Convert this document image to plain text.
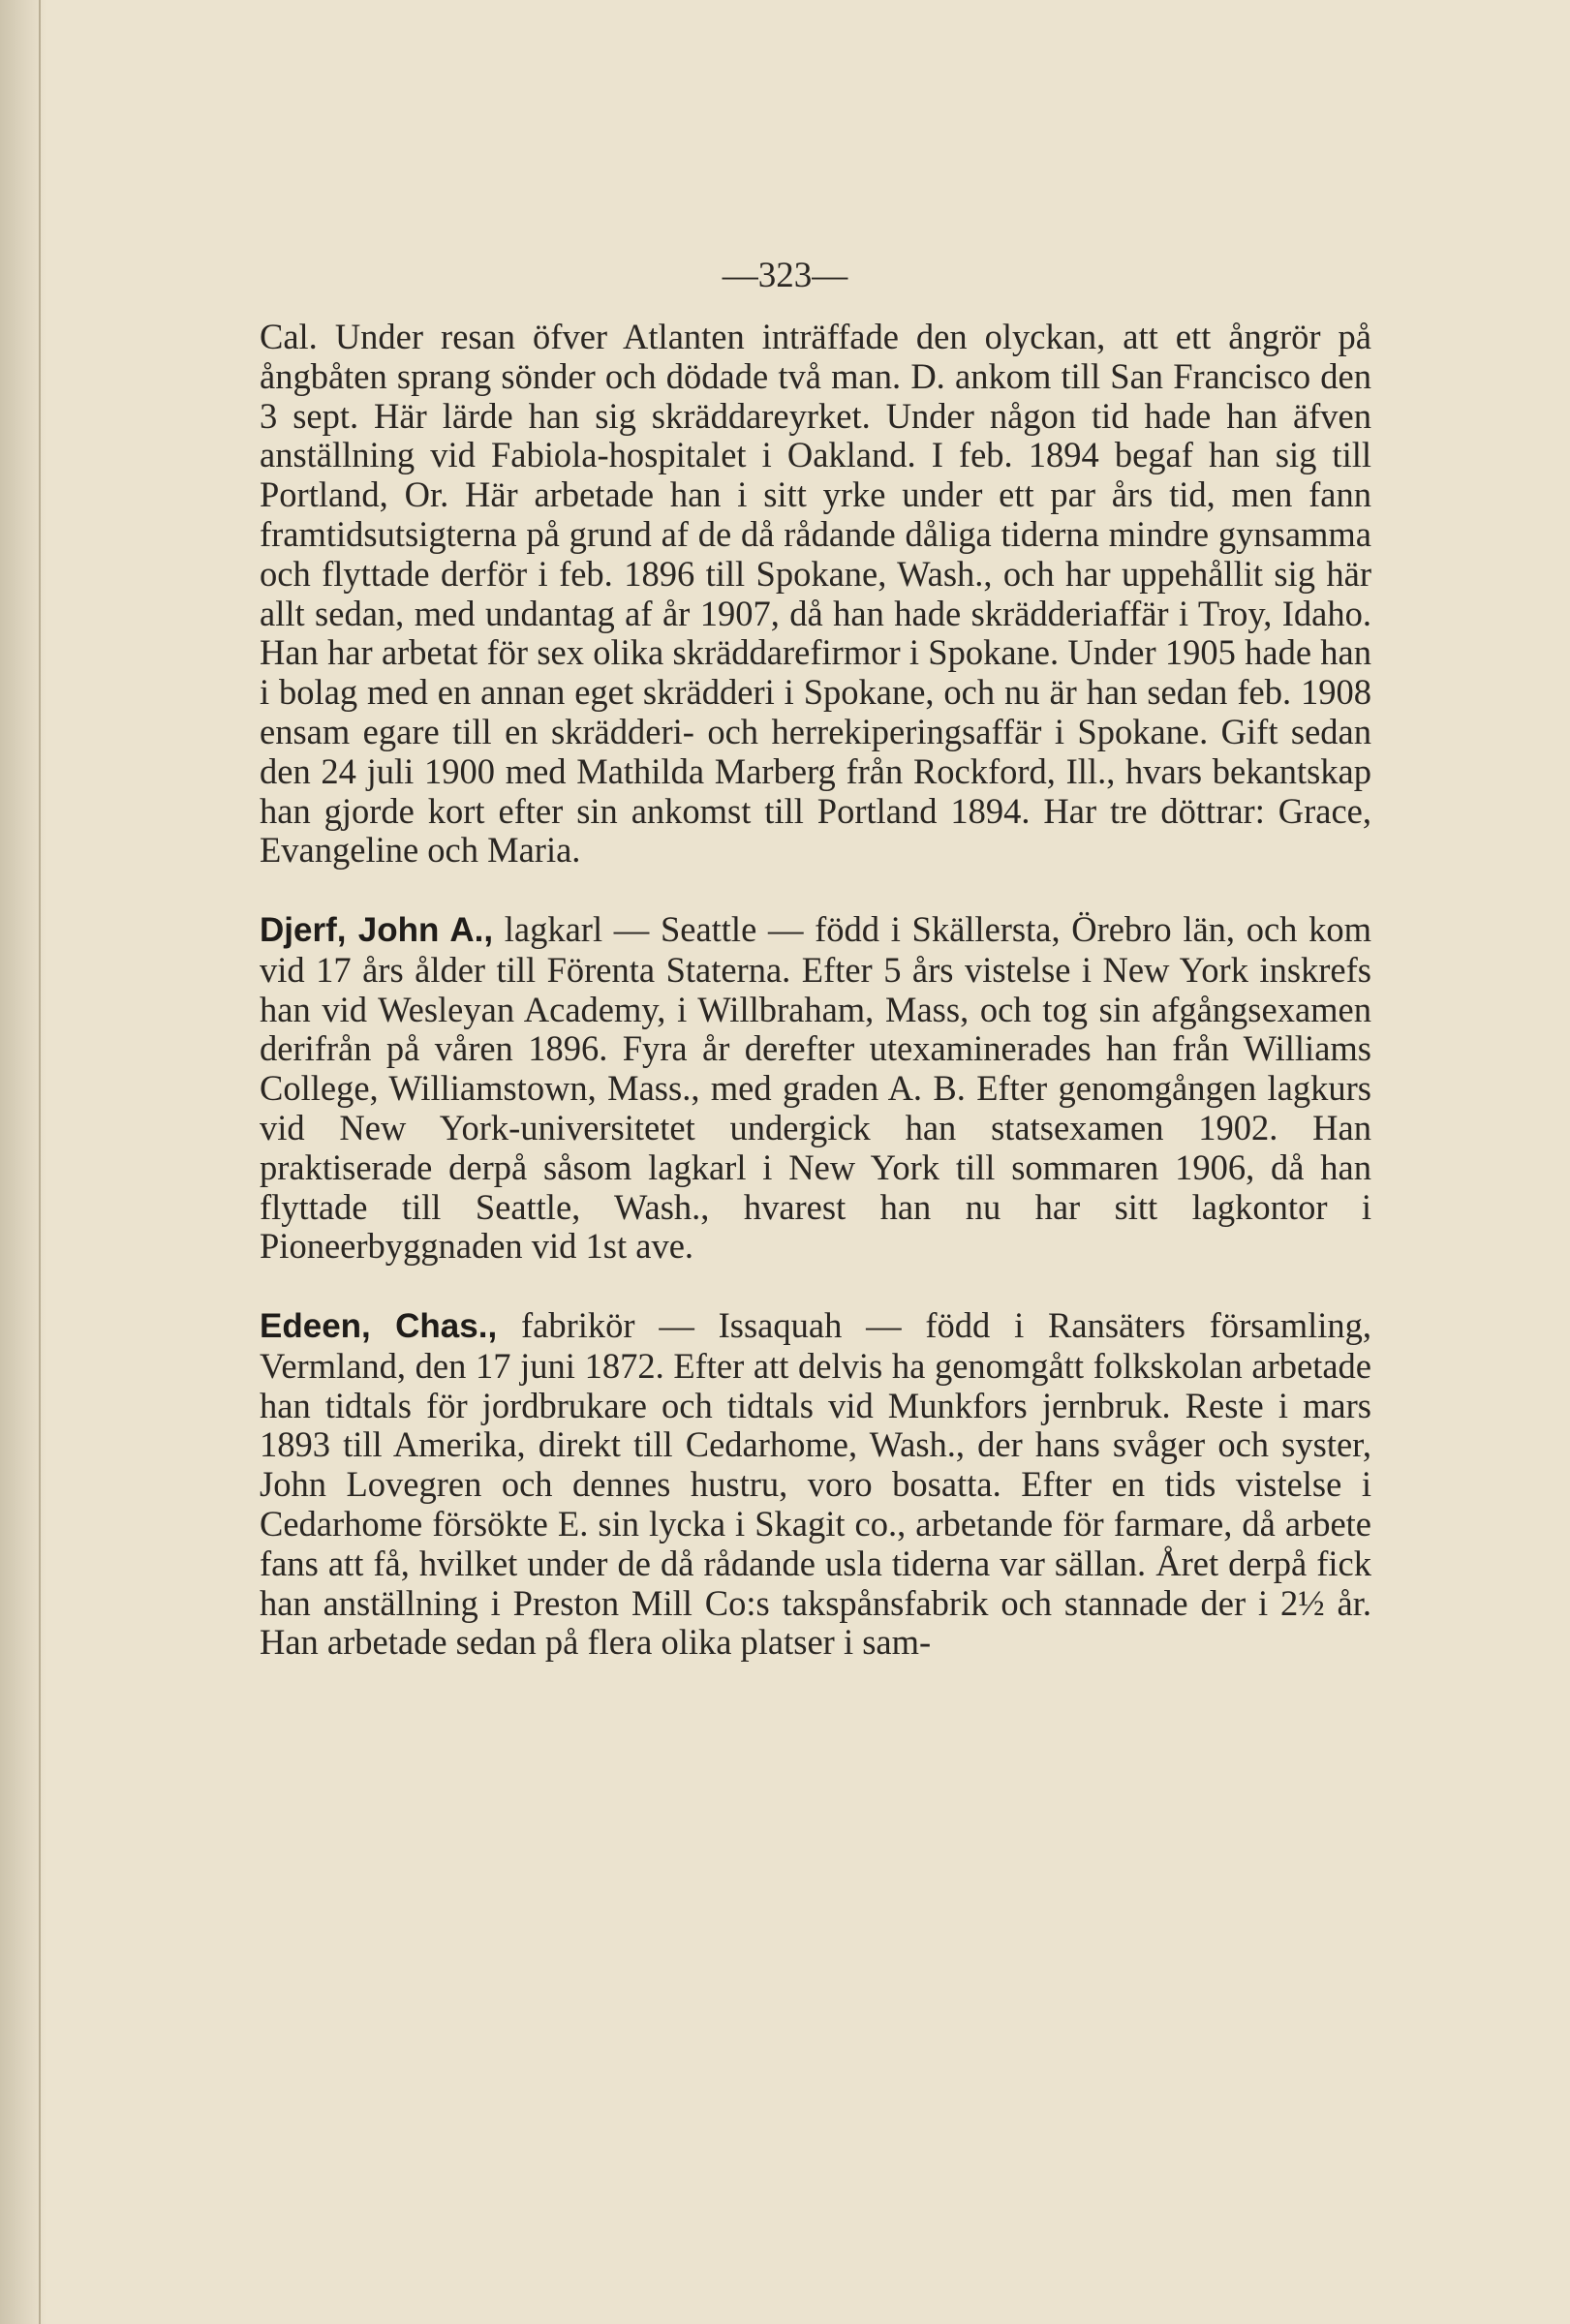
—323—

Cal. Under resan öfver Atlanten inträffade den olyckan, att ett ångrör på ångbåten sprang sönder och dödade två man. D. ankom till San Francisco den 3 sept. Här lärde han sig skräddareyrket. Under någon tid hade han äfven anställning vid Fabiola-hospitalet i Oakland. I feb. 1894 begaf han sig till Portland, Or. Här arbetade han i sitt yrke under ett par års tid, men fann framtidsutsigterna på grund af de då rådande dåliga tiderna mindre gynsamma och flyttade derför i feb. 1896 till Spokane, Wash., och har uppehållit sig här allt sedan, med undantag af år 1907, då han hade skrädderiaffär i Troy, Idaho. Han har arbetat för sex olika skräddarefirmor i Spokane. Under 1905 hade han i bolag med en annan eget skrädderi i Spokane, och nu är han sedan feb. 1908 ensam egare till en skrädderi- och herrekiperingsaffär i Spokane. Gift sedan den 24 juli 1900 med Mathilda Marberg från Rockford, Ill., hvars bekantskap han gjorde kort efter sin ankomst till Portland 1894. Har tre döttrar: Grace, Evangeline och Maria.

Djerf, John A., lagkarl — Seattle — född i Skällersta, Örebro län, och kom vid 17 års ålder till Förenta Staterna. Efter 5 års vistelse i New York inskrefs han vid Wesleyan Academy, i Willbraham, Mass, och tog sin afgångsexamen derifrån på våren 1896. Fyra år derefter utexaminerades han från Williams College, Williamstown, Mass., med graden A. B. Efter genomgången lagkurs vid New York-universitetet undergick han statsexamen 1902. Han praktiserade derpå såsom lagkarl i New York till sommaren 1906, då han flyttade till Seattle, Wash., hvarest han nu har sitt lagkontor i Pioneerbyggnaden vid 1st ave.

Edeen, Chas., fabrikör — Issaquah — född i Ransäters församling, Vermland, den 17 juni 1872. Efter att delvis ha genomgått folkskolan arbetade han tidtals för jordbrukare och tidtals vid Munkfors jernbruk. Reste i mars 1893 till Amerika, direkt till Cedarhome, Wash., der hans svåger och syster, John Lovegren och dennes hustru, voro bosatta. Efter en tids vistelse i Cedarhome försökte E. sin lycka i Skagit co., arbetande för farmare, då arbete fans att få, hvilket under de då rådande usla tiderna var sällan. Året derpå fick han anställning i Preston Mill Co:s takspånsfabrik och stannade der i 2½ år. Han arbetade sedan på flera olika platser i sam-
